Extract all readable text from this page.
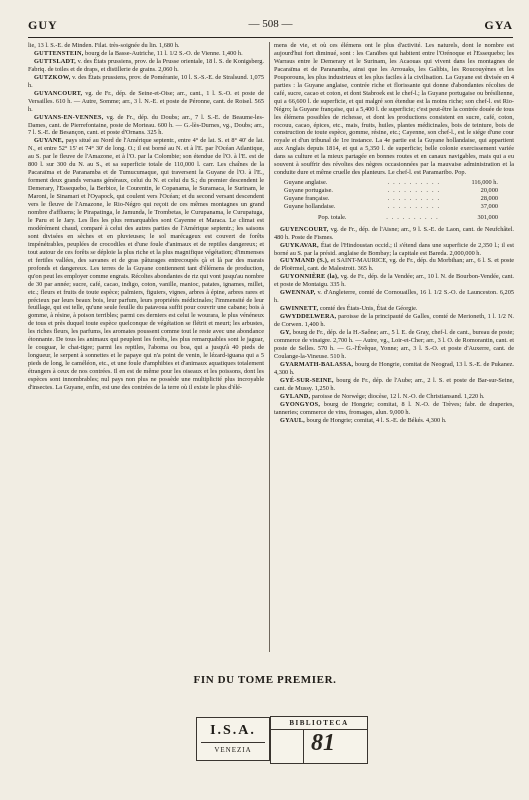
GUY	— 508 —	GYA

lie, 13 l. S.-E. de Minden. Filat. très-soignée du lin. 1,680 h.

GUTTENSTEIN, bourg de la Basse-Autriche, 11 l. 1/2 S.-O. de Vienne. 1,400 h.

GUTTSLADT, v. des États prussiens, prov. de la Prusse orientale, 18 l. S. de Konigsberg. Fabriq. de toiles et de draps, et distillerie de grains. 2,060 h.

GUTZKOW, v. des États prussiens, prov. de Poméranie, 10 l. S.-S.-E. de Stralsund. 1,075 h.

GUYANCOURT, vg. de Fr., dép. de Seine-et-Oise; arr., cant., 1 l. S.-O. et poste de Versailles. 610 h. — Autre, Somme; arr., 3 l. N.-E. et poste de Péronne, cant. de Roisel. 565 h.

GUYANS-EN-VENNES, vg. de Fr., dép. du Doubs; arr., 7 l. S.-E. de Beaume-les-Dames, cant. de Pierrefontaine, poste de Morteau. 600 h. — G.-lès-Durnes, vg., Doubs; arr., 7 l. S.-E. de Besançon, cant. et poste d'Ornans. 325 h.

GUYANE, pays situé au Nord de l'Amérique septentr., entre 4° de lat. S. et 8° 40' de lat. N., et entre 52° 15' et 74° 30' de long. O.; il est borné au N. et à l'E. par l'Océan Atlantique, au S. par le fleuve de l'Amazone, et à l'O. par la Colombie; son étendue de l'O. à l'E. est de 800 l. sur 300 du N. au S., et sa superficie totale de 110,000 l. carr. Les chaînes de la Pacaraïma et de Paranamba et de Tumucumaque, qui traversent la Guyane de l'O. à l'E., forment deux grands versans généraux, celui du N. et celui du S.; du premier descendent le Demerary, l'Essequebo, la Berbice, le Courentin, le Copanama, le Suramaca, le Surinam, le Maroni, le Sinamari et l'Oyapock, qui coulent vers l'Océan; et du second versant descendent vers le fleuve de l'Amazone, le Rio-Négro qui reçoit de ces mêmes montagnes un grand nombre d'affluens; le Pirapatinga, le Jamunda, le Trombetas, le Curupanama, le Curupatuga, le Paru et le Jary. Les îles les plus remarquables sont Cayenne et Maraca. Le climat est modérément chaud, comparé à celui des autres parties de l'Amérique septentr.; les saisons sont divisées en sèches et en pluvieuses; le sol marécageux est couvert de forêts impénétrables, peuplées de crocodiles et d'une foule d'animaux et de reptiles dangereux; et tout autour de ces forêts se déploie la plus riche et la plus magnifique végétation; d'immenses et fertiles vallées, des savanes et de gras pâturages entrecoupés çà et là par des marais profonds et dangereux. Les terres de la Guyane contiennent tant d'élémens de production, qu'on peut les employer comme engrais. Récoltes abondantes de riz qui vont jusqu'au nombre de 30 par année; sucre, café, cacao, indigo, coton, vanille, manioc, patates, ignames, millet, etc.; fleurs et fruits de toute espèce; palmiers, figuiers, vignes, arbres à épine, arbres rares et précieux par leurs beaux bois, leur parfum, leurs propriétés médicinales; l'immensité de leur feuillage, qui est telle, qu'une seule feuille du patavoua suffit pour couvrir une cabane; bois à gomme, à résine, à poison terribles; parmi ces derniers est celui le wourara, le plus vénéneux de tous et près duquel toute espèce quelconque de végétation se flétrit et meurt; les arbustes, les riches fleurs, les parfums, les aromates poussent comme tout le reste avec une abondance étonnante. De tous les animaux qui peuplent les forêts, les plus remarquables sont le jaguar, le couguar, le chat-tigre; parmi les reptiles, l'aboma ou boa, qui a jusqu'à 40 pieds de longueur, le serpent à sonnettes et le papaye qui n'a point de venin, le lézard-iguana qui a 5 pieds de long, le caméléon, etc., et une foule d'amphibies et d'animaux aquatiques totalement étrangers à ceux de nos contrées. Il en est de même pour les oiseaux et les poissons, dont les espèces sont innombrables; nul pays non plus ne possède une multiplicité plus incroyable d'insectes. La Guyane, enfin, est une des contrées de la terre où il existe le plus d'élé-

mens de vie, et où ces élémens ont le plus d'activité. Les naturels, dont le nombre est aujourd'hui fort diminué, sont : les Caraïbes qui habitent entre l'Orénoque et l'Essequebo; les Warraus entre le Demerary et le Surinam, les Acaouas qui vivent dans les montagnes de Pacaraïma et de Paranamba, ainsi que les Arrouaks, les Galibis, les Roucouyènes et les Pouporouns, les plus industrieux et les plus faciles à la civilisation. La Guyane est divisée en 4 parties : la Guyane anglaise, contrée riche et florissante qui donne d'abondantes récoltes de café, sucre, cacao et coton, et dont Stabroek est le chef-l.; la Guyane portugaise ou brésilienne, qui a 66,600 l. de superficie, et qui malgré son étendue est la moins riche; son chef-l. est Rio-Négro; la Guyane française, qui a 5,400 l. de superficie; c'est peut-être la contrée douée de tous les élémens possibles de richesse, et dont les productions consistent en sucre, café, coton, rocouu, cacao, épices, etc., mais, fruits, huiles, plantes médicinales, bois de teinture, bois de construction de toute espèce, gomme, résine, etc.; Cayenne, son chef-l., est le siége d'une cour royale et d'un tribunal de 1re instance. La 4e partie est la Guyane hollandaise, qui appartient aux Anglais depuis 1814, et qui a 5,350 l. de superficie; belle colonie exercissement variée dans sa culture et la mieux partagée en bonnes routes et en canaux navigables, mais qui a eu souvent à souffrir des révoltes des nègres occasionnées par la mauvaise administration et la conduite dure et même cruelle des planteurs. Le chef-l. est Paramaribo. Pop.

Guyane anglaise.	. . . . . . . . . .	116,000 h.
Guyane portugaise.	. . . . . . . . . .	20,000
Guyane française.	. . . . . . . . . .	28,000
Guyane hollandaise.	. . . . . . . . . .	37,000
Pop. totale.	. . . . . . . . . .	301,000

GUYENCOURT, vg. de Fr., dép. de l'Aisne; arr., 9 l. S.-E. de Laon, cant. de Neufchâtel. 480 h. Poste de Fismes.

GUYKAVAR, État de l'Hindoustan occid.; il s'étend dans une superficie de 2,350 l.; il est borné au S. par la présid. anglaise de Bombay; la capitale est Bareda. 2,000,000 h.

GUYMAND (S.), et SAINT-MAURICE, vg. de Fr., dép. du Morbihan; arr., 6 l. S. et poste de Ploërmel, cant. de Malestroit. 365 h.

GUYONNIÈRE (la), vg. de Fr., dép. de la Vendée; arr., 10 l. N. de Bourbon-Vendée, cant. et poste de Montaigu. 335 h.

GWENNAP, v. d'Angleterre, comté de Cornouailles, 16 l. 1/2 S.-O. de Launceston. 6,205 h.

GWINNETT, comté des États-Unis, État de Géorgie.

GWYDDELWERA, paroisse de la principauté de Galles, comté de Merioneth, 1 l. 1/2 N. de Corwen. 1,400 h.

GY, bourg de Fr., dép. de la H.-Saône; arr., 5 l. E. de Gray, chef-l. de cant., bureau de poste; commerce de vinaigre. 2,700 h. — Autre, vg., Loir-et-Cher; arr., 3 l. O. de Romorantin, cant. et poste de Selles. 570 h. — G.-l'Évêque, Yonne; arr., 3 l. S.-O. et poste d'Auxerre, cant. de Coulange-la-Vineuse. 510 h.

GYARMATH-BALASSA, bourg de Hongrie, comitat de Neograd, 13 l. S.-E. de Pukanez. 4,300 h.

GYÉ-SUR-SEINE, bourg de Fr., dép. de l'Aube; arr., 2 l. S. et poste de Bar-sur-Seine, cant. de Mussy. 1,250 h.

GYLAND, paroisse de Norwége; diocèse, 12 l. N.-O. de Christiansand. 1,220 h.

GYONGYOS, bourg de Hongrie; comitat, 8 l. N.-O. de Trèves; fabr. de draperies, tanneries; commerce de vins, fromages, alun. 9,000 h.

GYAUL, bourg de Hongrie; comitat, 4 l. S.-E. de Békés. 4,300 h.

FIN DU TOME PREMIER.
I.S.A.
VENEZIA
BIBLIOTECA
81
